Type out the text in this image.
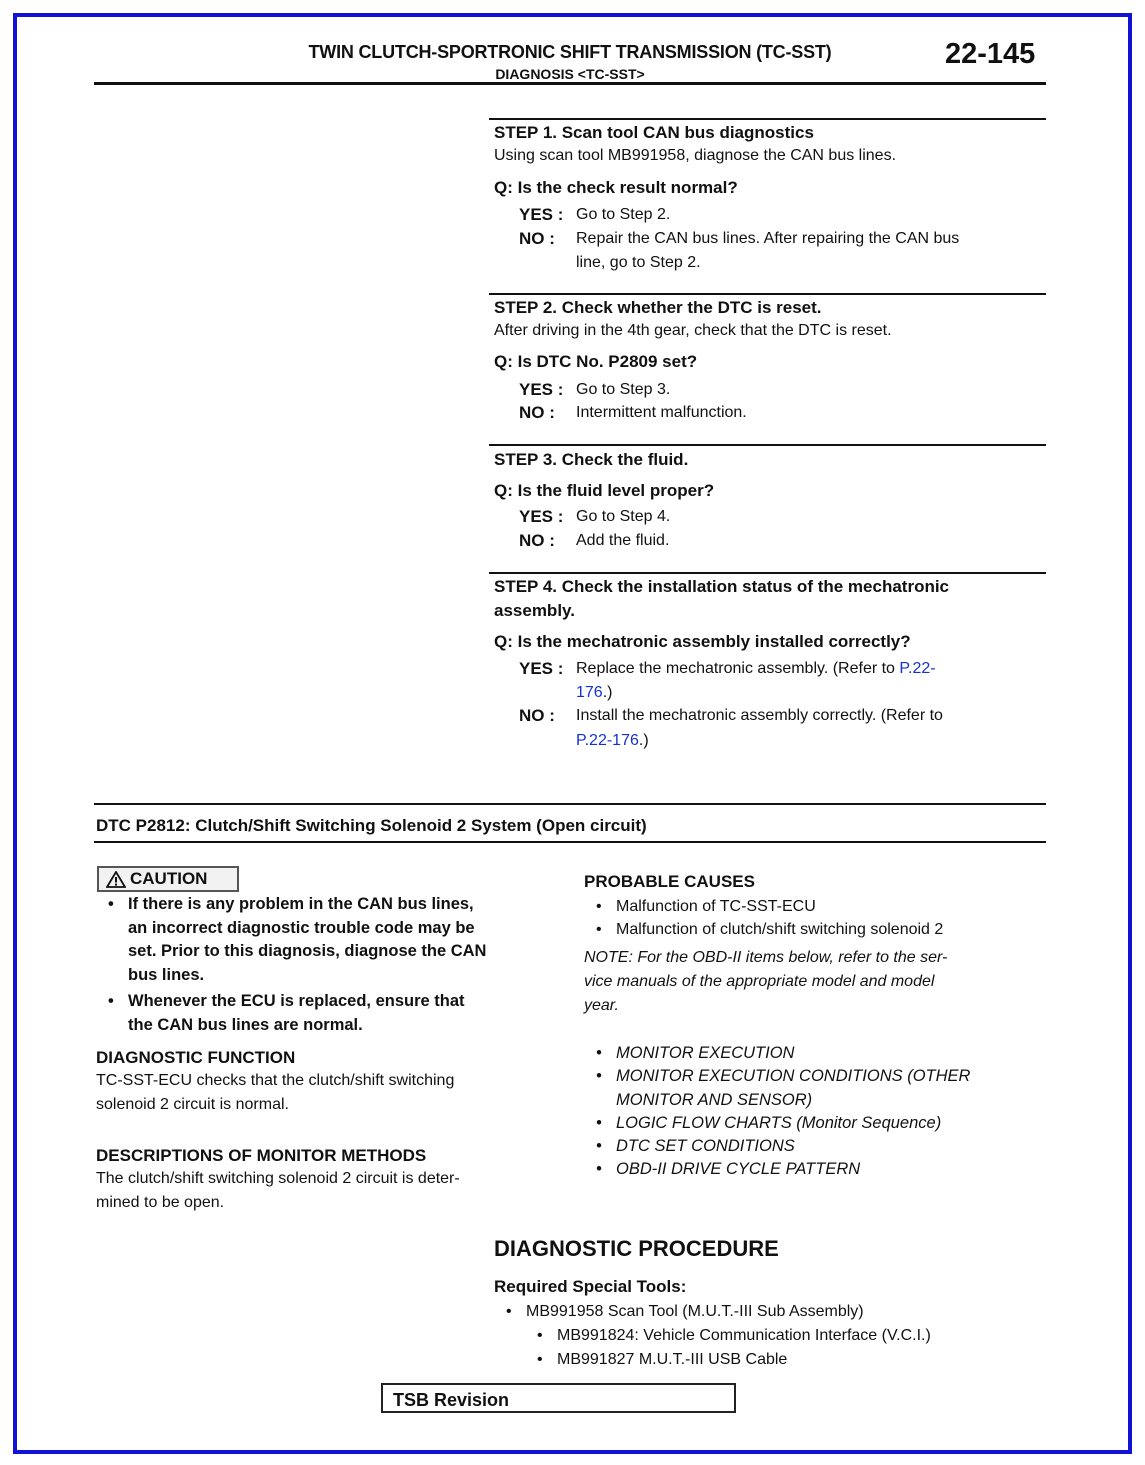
TWIN CLUTCH-SPORTRONIC SHIFT TRANSMISSION (TC-SST)
DIAGNOSIS <TC-SST>
22-145
STEP 1. Scan tool CAN bus diagnostics
Using scan tool MB991958, diagnose the CAN bus lines.
Q: Is the check result normal?
YES : Go to Step 2.
NO : Repair the CAN bus lines. After repairing the CAN bus
line, go to Step 2.
STEP 2. Check whether the DTC is reset.
After driving in the 4th gear, check that the DTC is reset.
Q: Is DTC No. P2809 set?
YES : Go to Step 3.
NO : Intermittent malfunction.
STEP 3. Check the fluid.
Q: Is the fluid level proper?
YES : Go to Step 4.
NO : Add the fluid.
STEP 4. Check the installation status of the mechatronic
assembly.
Q: Is the mechatronic assembly installed correctly?
YES : Replace the mechatronic assembly. (Refer to P.22-
176.)
NO : Install the mechatronic assembly correctly. (Refer to
P.22-176.)
DTC P2812: Clutch/Shift Switching Solenoid 2 System (Open circuit)
CAUTION
• If there is any problem in the CAN bus lines,
an incorrect diagnostic trouble code may be
set. Prior to this diagnosis, diagnose the CAN
bus lines.
• Whenever the ECU is replaced, ensure that
the CAN bus lines are normal.
DIAGNOSTIC FUNCTION
TC-SST-ECU checks that the clutch/shift switching
solenoid 2 circuit is normal.
DESCRIPTIONS OF MONITOR METHODS
The clutch/shift switching solenoid 2 circuit is deter-
mined to be open.
PROBABLE CAUSES
• Malfunction of TC-SST-ECU
• Malfunction of clutch/shift switching solenoid 2
NOTE: For the OBD-II items below, refer to the ser-
vice manuals of the appropriate model and model
year.
• MONITOR EXECUTION
• MONITOR EXECUTION CONDITIONS (OTHER
MONITOR AND SENSOR)
• LOGIC FLOW CHARTS (Monitor Sequence)
• DTC SET CONDITIONS
• OBD-II DRIVE CYCLE PATTERN
DIAGNOSTIC PROCEDURE
Required Special Tools:
• MB991958 Scan Tool (M.U.T.-III Sub Assembly)
• MB991824: Vehicle Communication Interface (V.C.I.)
• MB991827 M.U.T.-III USB Cable
TSB Revision
